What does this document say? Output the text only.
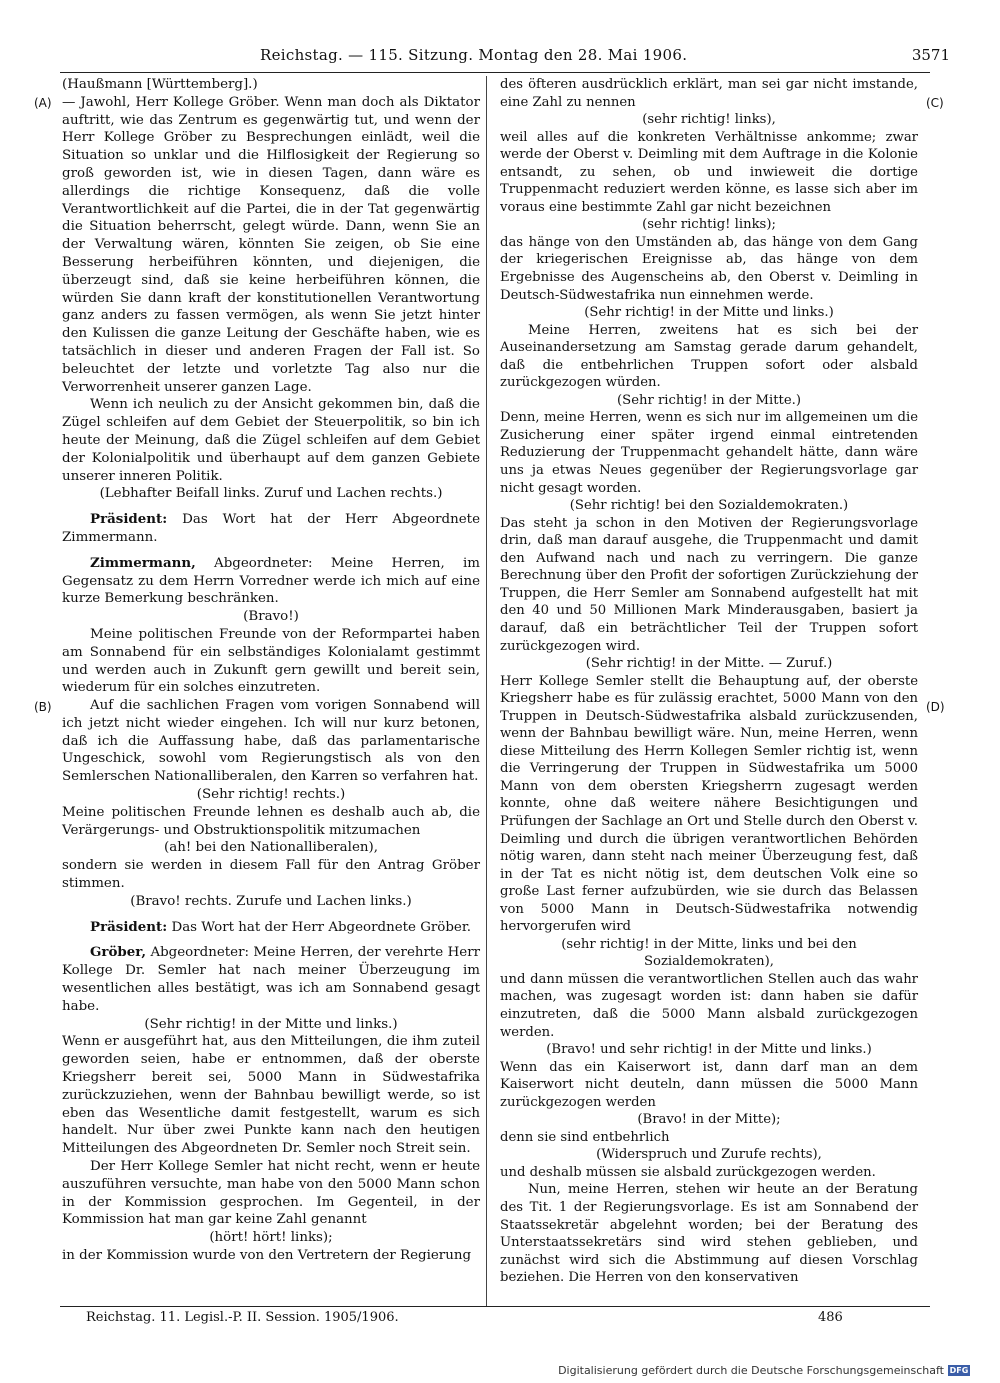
Reichstag. — 115. Sitzung. Montag den 28. Mai 1906.	3571
(A)
(B)
(C)
(D)

(Haußmann [Württemberg].)

— Jawohl, Herr Kollege Gröber. Wenn man doch als Diktator auftritt, wie das Zentrum es gegenwärtig tut, und wenn der Herr Kollege Gröber zu Besprechungen einlädt, weil die Situation so unklar und die Hilflosigkeit der Regierung so groß geworden ist, wie in diesen Tagen, dann wäre es allerdings die richtige Konsequenz, daß die volle Verantwortlichkeit auf die Partei, die in der Tat gegenwärtig die Situation beherrscht, gelegt würde. Dann, wenn Sie an der Verwaltung wären, könnten Sie zeigen, ob Sie eine Besserung herbeiführen könnten, und diejenigen, die überzeugt sind, daß sie keine herbeiführen können, die würden Sie dann kraft der konstitutionellen Verantwortung ganz anders zu fassen vermögen, als wenn Sie jetzt hinter den Kulissen die ganze Leitung der Geschäfte haben, wie es tatsächlich in dieser und anderen Fragen der Fall ist. So beleuchtet der letzte und vorletzte Tag also nur die Verworrenheit unserer ganzen Lage.

Wenn ich neulich zu der Ansicht gekommen bin, daß die Zügel schleifen auf dem Gebiet der Steuerpolitik, so bin ich heute der Meinung, daß die Zügel schleifen auf dem Gebiet der Kolonialpolitik und überhaupt auf dem ganzen Gebiete unserer inneren Politik.

(Lebhafter Beifall links. Zuruf und Lachen rechts.)

Präsident: Das Wort hat der Herr Abgeordnete Zimmermann.

Zimmermann, Abgeordneter: Meine Herren, im Gegensatz zu dem Herrn Vorredner werde ich mich auf eine kurze Bemerkung beschränken.

(Bravo!)

Meine politischen Freunde von der Reformpartei haben am Sonnabend für ein selbständiges Kolonialamt gestimmt und werden auch in Zukunft gern gewillt und bereit sein, wiederum für ein solches einzutreten.

Auf die sachlichen Fragen vom vorigen Sonnabend will ich jetzt nicht wieder eingehen. Ich will nur kurz betonen, daß ich die Auffassung habe, daß das parlamentarische Ungeschick, sowohl vom Regierungstisch als von den Semlerschen Nationalliberalen, den Karren so verfahren hat.

(Sehr richtig! rechts.)

Meine politischen Freunde lehnen es deshalb auch ab, die Verärgerungs- und Obstruktionspolitik mitzumachen

(ah! bei den Nationalliberalen),

sondern sie werden in diesem Fall für den Antrag Gröber stimmen.

(Bravo! rechts. Zurufe und Lachen links.)

Präsident: Das Wort hat der Herr Abgeordnete Gröber.

Gröber, Abgeordneter: Meine Herren, der verehrte Herr Kollege Dr. Semler hat nach meiner Überzeugung im wesentlichen alles bestätigt, was ich am Sonnabend gesagt habe.

(Sehr richtig! in der Mitte und links.)

Wenn er ausgeführt hat, aus den Mitteilungen, die ihm zuteil geworden seien, habe er entnommen, daß der oberste Kriegsherr bereit sei, 5000 Mann in Südwestafrika zurückzuziehen, wenn der Bahnbau bewilligt werde, so ist eben das Wesentliche damit festgestellt, warum es sich handelt. Nur über zwei Punkte kann nach den heutigen Mitteilungen des Abgeordneten Dr. Semler noch Streit sein.

Der Herr Kollege Semler hat nicht recht, wenn er heute auszuführen versuchte, man habe von den 5000 Mann schon in der Kommission gesprochen. Im Gegenteil, in der Kommission hat man gar keine Zahl genannt

(hört! hört! links);

in der Kommission wurde von den Vertretern der Regierung

des öfteren ausdrücklich erklärt, man sei gar nicht imstande, eine Zahl zu nennen

(sehr richtig! links),

weil alles auf die konkreten Verhältnisse ankomme; zwar werde der Oberst v. Deimling mit dem Auftrage in die Kolonie entsandt, zu sehen, ob und inwieweit die dortige Truppenmacht reduziert werden könne, es lasse sich aber im voraus eine bestimmte Zahl gar nicht bezeichnen

(sehr richtig! links);

das hänge von den Umständen ab, das hänge von dem Gang der kriegerischen Ereignisse ab, das hänge von dem Ergebnisse des Augenscheins ab, den Oberst v. Deimling in Deutsch-Südwestafrika nun einnehmen werde.

(Sehr richtig! in der Mitte und links.)

Meine Herren, zweitens hat es sich bei der Auseinandersetzung am Samstag gerade darum gehandelt, daß die entbehrlichen Truppen sofort oder alsbald zurückgezogen würden.

(Sehr richtig! in der Mitte.)

Denn, meine Herren, wenn es sich nur im allgemeinen um die Zusicherung einer später irgend einmal eintretenden Reduzierung der Truppenmacht gehandelt hätte, dann wäre uns ja etwas Neues gegenüber der Regierungsvorlage gar nicht gesagt worden.

(Sehr richtig! bei den Sozialdemokraten.)

Das steht ja schon in den Motiven der Regierungsvorlage drin, daß man darauf ausgehe, die Truppenmacht und damit den Aufwand nach und nach zu verringern. Die ganze Berechnung über den Profit der sofortigen Zurückziehung der Truppen, die Herr Semler am Sonnabend aufgestellt hat mit den 40 und 50 Millionen Mark Minderausgaben, basiert ja darauf, daß ein beträchtlicher Teil der Truppen sofort zurückgezogen wird.

(Sehr richtig! in der Mitte. — Zuruf.)

Herr Kollege Semler stellt die Behauptung auf, der oberste Kriegsherr habe es für zulässig erachtet, 5000 Mann von den Truppen in Deutsch-Südwestafrika alsbald zurückzusenden, wenn der Bahnbau bewilligt wäre. Nun, meine Herren, wenn diese Mitteilung des Herrn Kollegen Semler richtig ist, wenn die Verringerung der Truppen in Südwestafrika um 5000 Mann von dem obersten Kriegsherrn zugesagt werden konnte, ohne daß weitere nähere Besichtigungen und Prüfungen der Sachlage an Ort und Stelle durch den Oberst v. Deimling und durch die übrigen verantwortlichen Behörden nötig waren, dann steht nach meiner Überzeugung fest, daß in der Tat es nicht nötig ist, dem deutschen Volk eine so große Last ferner aufzubürden, wie sie durch das Belassen von 5000 Mann in Deutsch-Südwestafrika notwendig hervorgerufen wird

(sehr richtig! in der Mitte, links und bei den Sozialdemokraten),

und dann müssen die verantwortlichen Stellen auch das wahr machen, was zugesagt worden ist: dann haben sie dafür einzutreten, daß die 5000 Mann alsbald zurückgezogen werden.

(Bravo! und sehr richtig! in der Mitte und links.)

Wenn das ein Kaiserwort ist, dann darf man an dem Kaiserwort nicht deuteln, dann müssen die 5000 Mann zurückgezogen werden

(Bravo! in der Mitte);

denn sie sind entbehrlich

(Widerspruch und Zurufe rechts),

und deshalb müssen sie alsbald zurückgezogen werden.

Nun, meine Herren, stehen wir heute an der Beratung des Tit. 1 der Regierungsvorlage. Es ist am Sonnabend der Staatssekretär abgelehnt worden; bei der Beratung des Unterstaatssekretärs sind wird stehen geblieben, und zunächst wird sich die Abstimmung auf diesen Vorschlag beziehen. Die Herren von den konservativen

Reichstag. 11. Legisl.-P. II. Session. 1905/1906.	486
Digitalisierung gefördert durch die Deutsche Forschungsgemeinschaft DFG
